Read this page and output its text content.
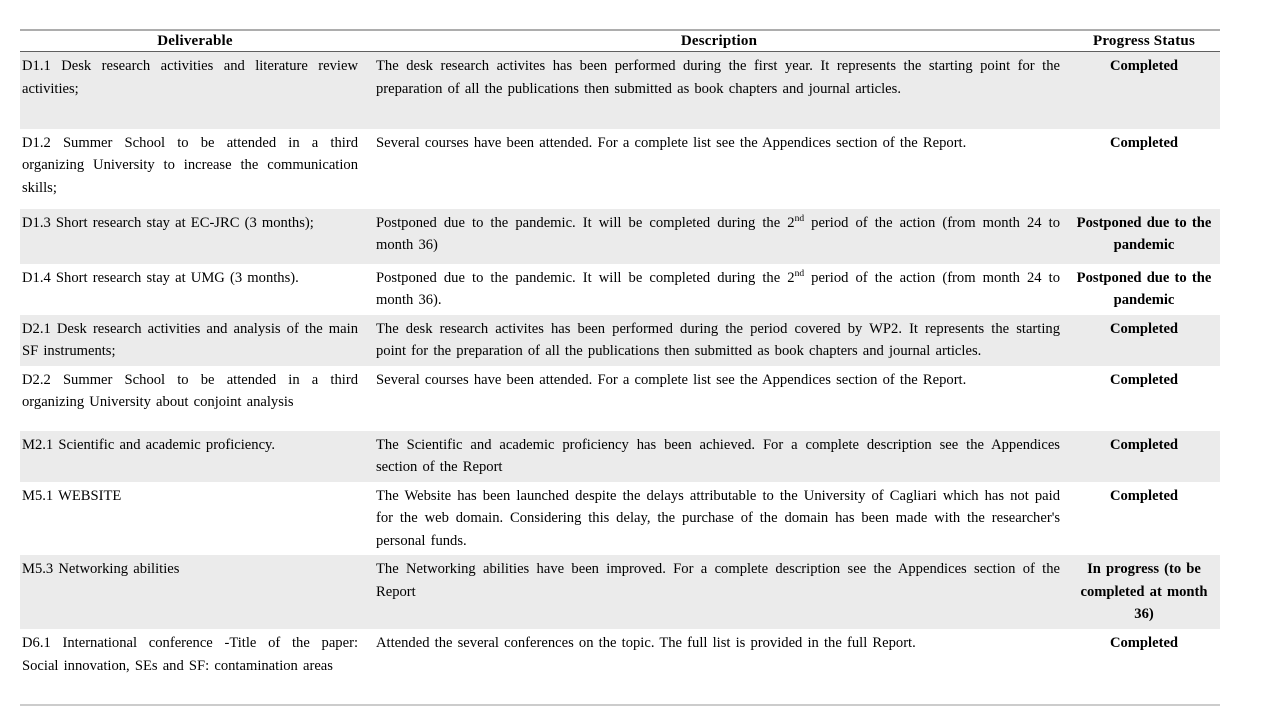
Deliverable	Description	Progress Status
D1.1 Desk research activities and literature review activities;	The desk research activites has been performed during the first year. It represents the starting point for the preparation of all the publications then submitted as book chapters and journal articles.	Completed
D1.2 Summer School to be attended in a third organizing University to increase the communication skills;	Several courses have been attended. For a complete list see the Appendices section of the Report.	Completed
D1.3 Short research stay at EC-JRC (3 months);	Postponed due to the pandemic. It will be completed during the 2nd period of the action (from month 24 to month 36)	Postponed due to the pandemic
D1.4 Short research stay at UMG (3 months).	Postponed due to the pandemic. It will be completed during the 2nd period of the action (from month 24 to month 36).	Postponed due to the pandemic
D2.1 Desk research activities and analysis of the main SF instruments;	The desk research activites has been performed during the period covered by WP2. It represents the starting point for the preparation of all the publications then submitted as book chapters and journal articles.	Completed
D2.2 Summer School to be attended in a third organizing University about conjoint analysis	Several courses have been attended. For a complete list see the Appendices section of the Report.	Completed
M2.1 Scientific and academic proficiency.	The Scientific and academic proficiency has been achieved. For a complete description see the Appendices section of the Report	Completed
M5.1 WEBSITE	The Website has been launched despite the delays attributable to the University of Cagliari which has not paid for the web domain. Considering this delay, the purchase of the domain has been made with the researcher's personal funds.	Completed
M5.3 Networking abilities	The Networking abilities have been improved. For a complete description see the Appendices section of the Report	In progress (to be completed at month 36)
D6.1 International conference -Title of the paper: Social innovation, SEs and SF: contamination areas	Attended the several conferences on the topic. The full list is provided in the full Report.	Completed
